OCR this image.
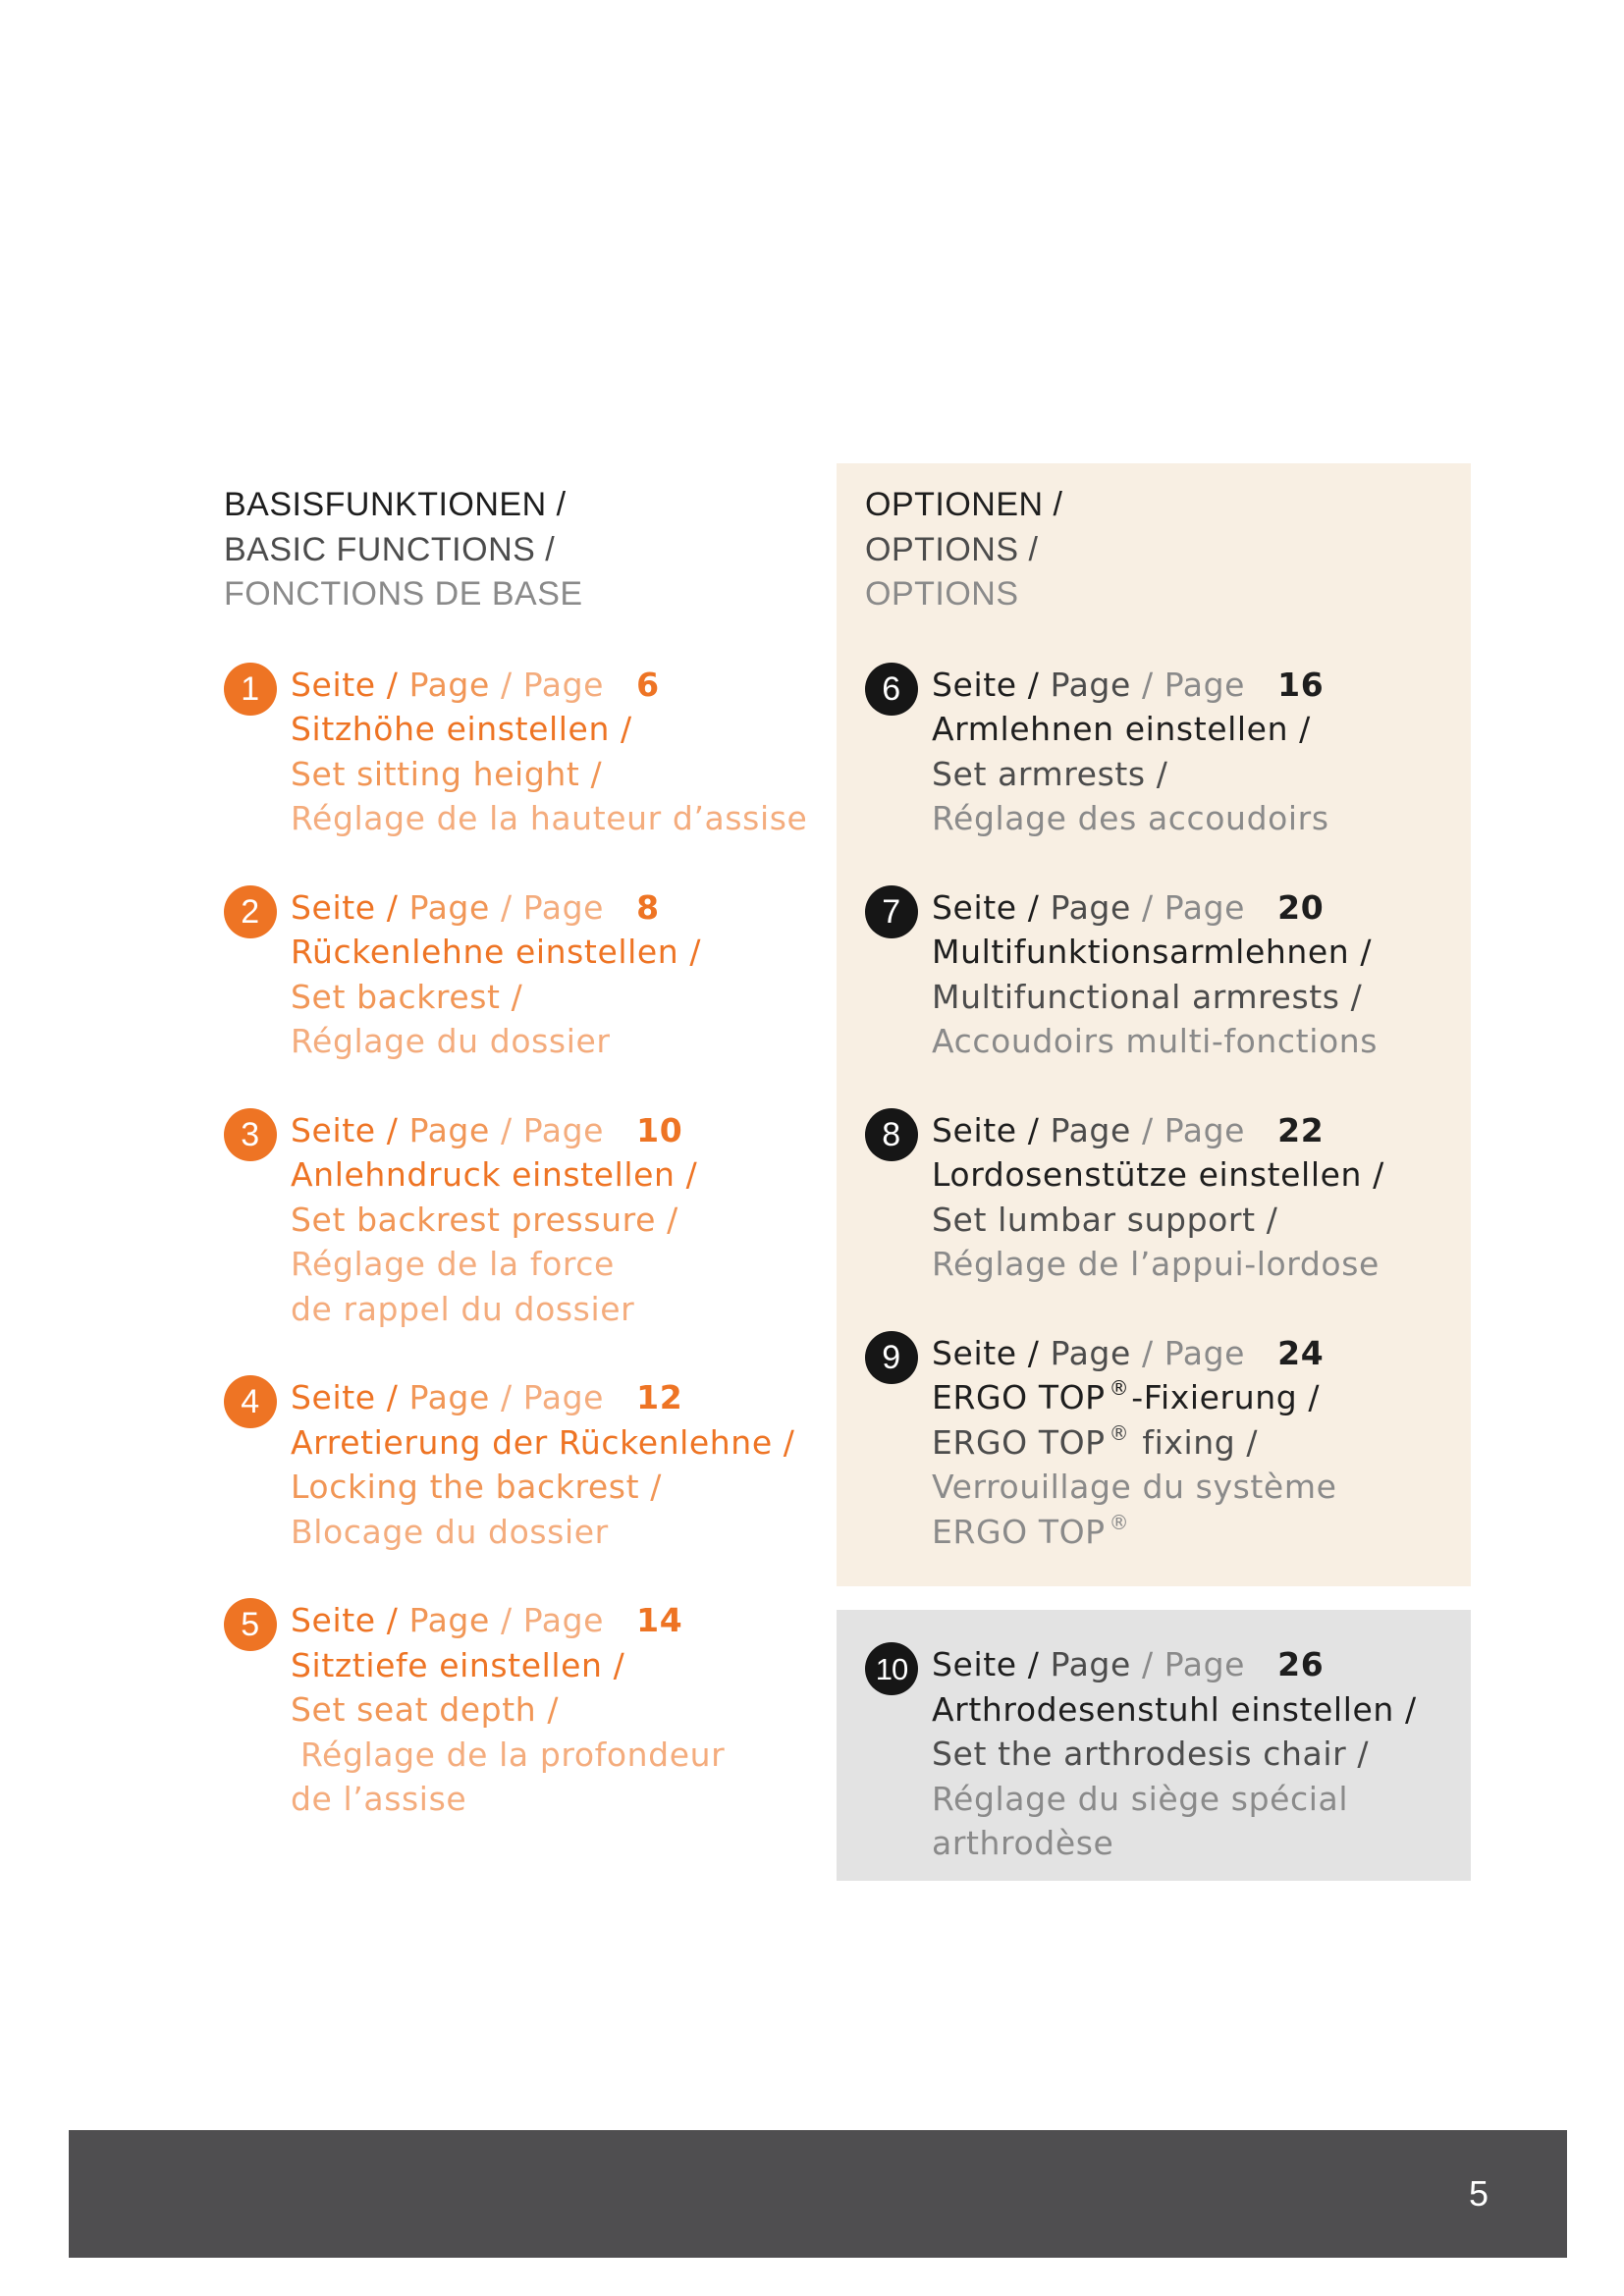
BASISFUNKTIONEN /
BASIC FUNCTIONS /
FONCTIONS DE BASE
1 Seite / Page / Page 6
Sitzhöhe einstellen /
Set sitting height /
Réglage de la hauteur d’assise
2 Seite / Page / Page 8
Rückenlehne einstellen /
Set backrest /
Réglage du dossier
3 Seite / Page / Page 10
Anlehndruck einstellen /
Set backrest pressure /
Réglage de la force
de rappel du dossier
4 Seite / Page / Page 12
Arretierung der Rückenlehne /
Locking the backrest /
Blocage du dossier
5 Seite / Page / Page 14
Sitztiefe einstellen /
Set seat depth /
Réglage de la profondeur
de l’assise
OPTIONEN /
OPTIONS /
OPTIONS
6 Seite / Page / Page 16
Armlehnen einstellen /
Set armrests /
Réglage des accoudoirs
7 Seite / Page / Page 20
Multifunktionsarmlehnen /
Multifunctional armrests /
Accoudoirs multi-fonctions
8 Seite / Page / Page 22
Lordosenstütze einstellen /
Set lumbar support /
Réglage de l’appui-lordose
9 Seite / Page / Page 24
ERGO TOP ®-Fixierung /
ERGO TOP ® fixing /
Verrouillage du système
ERGO TOP ®
10 Seite / Page / Page 26
Arthrodesenstuhl einstellen /
Set the arthrodesis chair /
Réglage du siège spécial
arthrodèse
5
